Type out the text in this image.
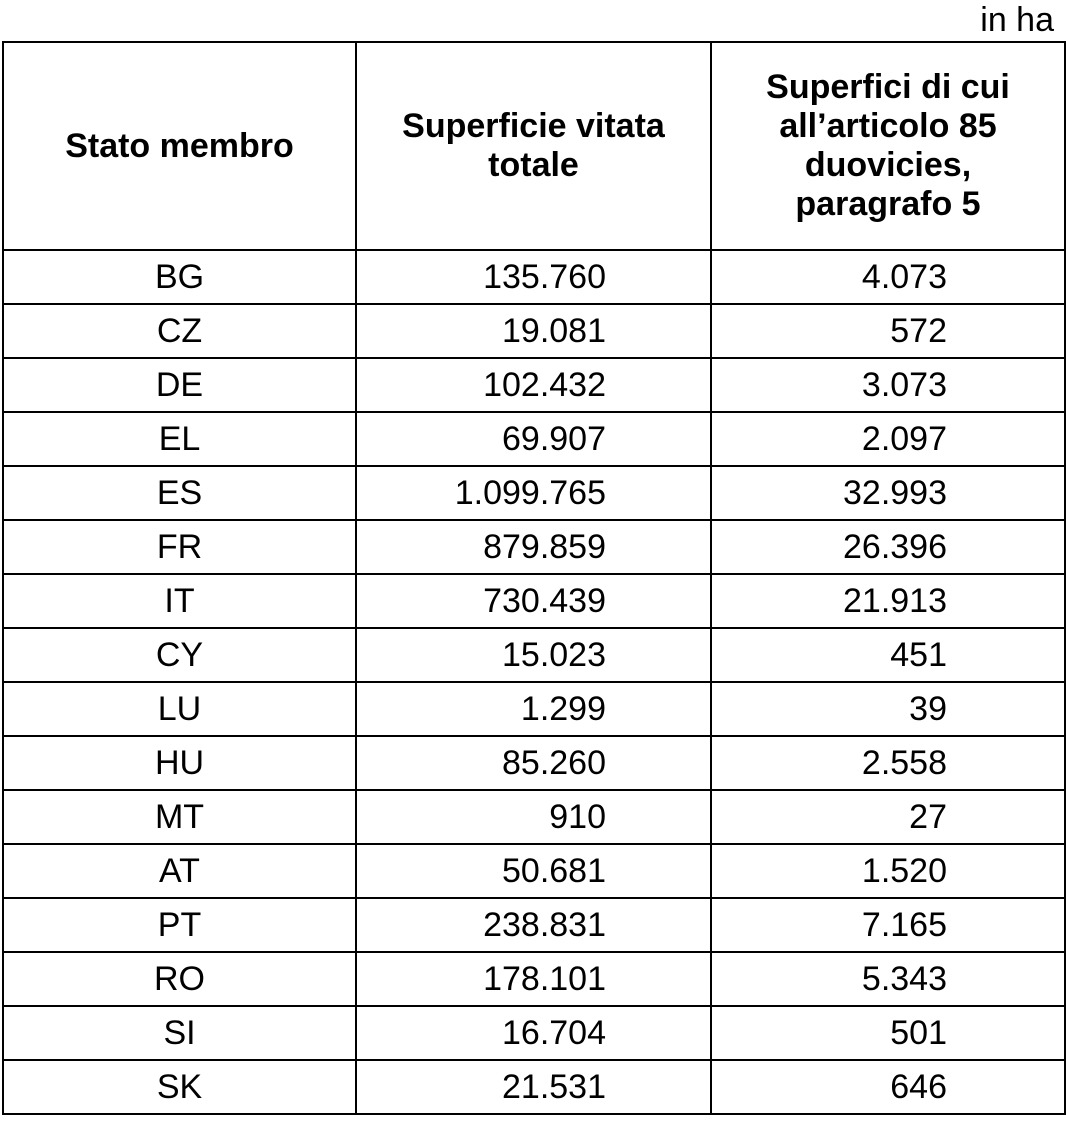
in ha
Stato membro	Superficie vitata totale	Superfici di cui all’articolo 85 duovicies, paragrafo 5
BG	135.760	4.073
CZ	19.081	572
DE	102.432	3.073
EL	69.907	2.097
ES	1.099.765	32.993
FR	879.859	26.396
IT	730.439	21.913
CY	15.023	451
LU	1.299	39
HU	85.260	2.558
MT	910	27
AT	50.681	1.520
PT	238.831	7.165
RO	178.101	5.343
SI	16.704	501
SK	21.531	646
